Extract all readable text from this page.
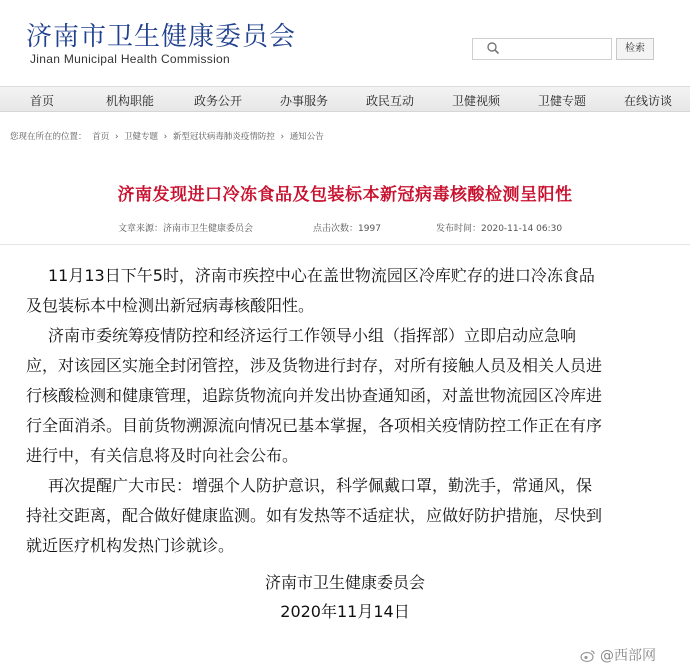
济南市卫生健康委员会
Jinan Municipal Health Commission
检索
首页	机构职能	政务公开	办事服务	政民互动	卫健视频	卫健专题	在线访谈
您现在所在的位置： 首页 › 卫健专题 › 新型冠状病毒肺炎疫情防控 › 通知公告
济南发现进口冷冻食品及包装标本新冠病毒核酸检测呈阳性
文章来源：济南市卫生健康委员会	点击次数：1997	发布时间：2020-11-14 06:30
11月13日下午5时，济南市疾控中心在盖世物流园区冷库贮存的进口冷冻食品
及包装标本中检测出新冠病毒核酸阳性。
济南市委统筹疫情防控和经济运行工作领导小组（指挥部）立即启动应急响
应，对该园区实施全封闭管控，涉及货物进行封存，对所有接触人员及相关人员进
行核酸检测和健康管理，追踪货物流向并发出协查通知函，对盖世物流园区冷库进
行全面消杀。目前货物溯源流向情况已基本掌握，各项相关疫情防控工作正在有序
进行中，有关信息将及时向社会公布。
再次提醒广大市民：增强个人防护意识，科学佩戴口罩，勤洗手，常通风，保
持社交距离，配合做好健康监测。如有发热等不适症状，应做好防护措施，尽快到
就近医疗机构发热门诊就诊。
济南市卫生健康委员会
2020年11月14日
@西部网
